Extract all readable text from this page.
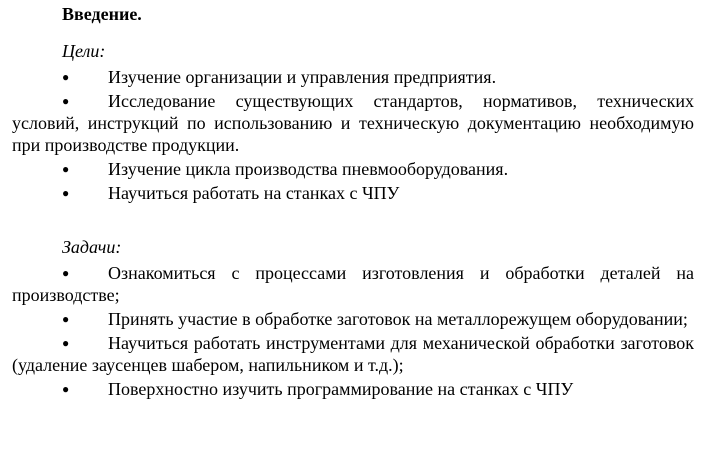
Введение.
Цели:
● Изучение организации и управления предприятия.
● Исследование существующих стандартов, нормативов, технических условий, инструкций по использованию и техническую документацию необходимую при производстве продукции.
● Изучение цикла производства пневмооборудования.
● Научиться работать на станках с ЧПУ
Задачи:
● Ознакомиться с процессами изготовления и обработки деталей на производстве;
● Принять участие в обработке заготовок на металлорежущем оборудовании;
● Научиться работать инструментами для механической обработки заготовок (удаление заусенцев шабером, напильником и т.д.);
● Поверхностно изучить программирование на станках с ЧПУ
